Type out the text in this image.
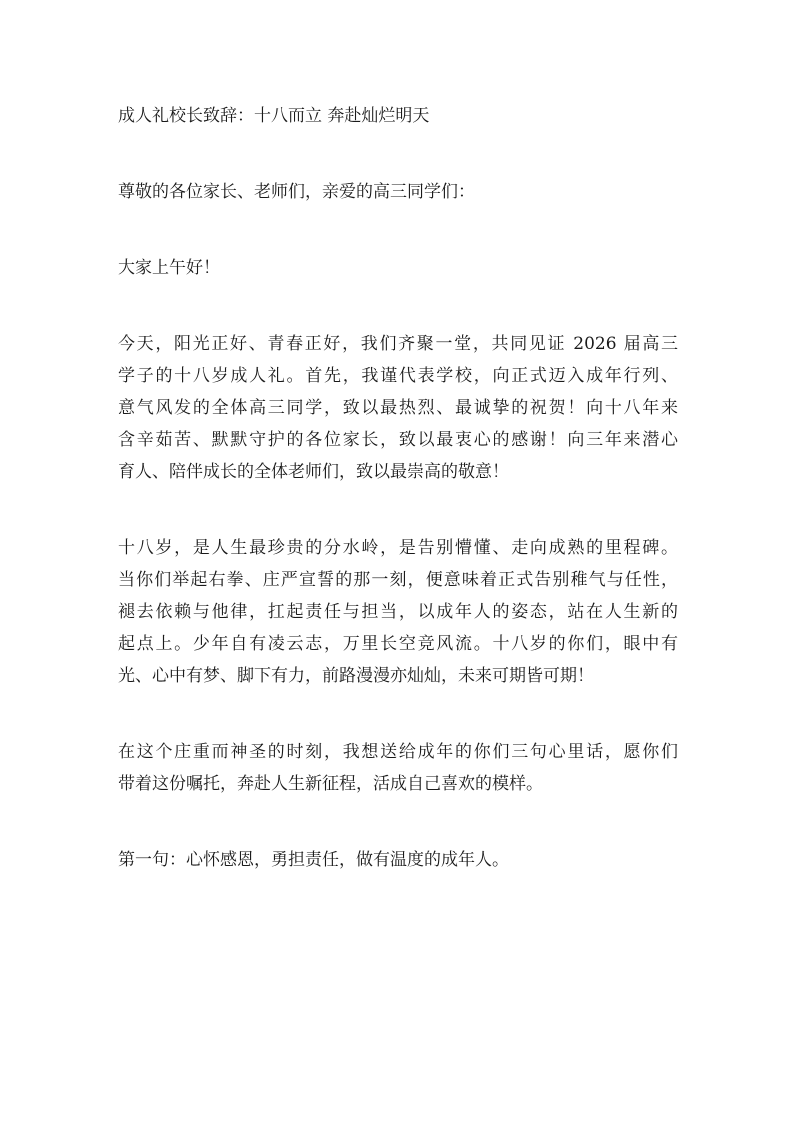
成人礼校长致辞：十八而立 奔赴灿烂明天

尊敬的各位家长、老师们，亲爱的高三同学们：

大家上午好！

今天，阳光正好、青春正好，我们齐聚一堂，共同见证 2026 届高三

学子的十八岁成人礼。首先，我谨代表学校，向正式迈入成年行列、

意气风发的全体高三同学，致以最热烈、最诚挚的祝贺！向十八年来

含辛茹苦、默默守护的各位家长，致以最衷心的感谢！向三年来潜心

育人、陪伴成长的全体老师们，致以最崇高的敬意！

十八岁，是人生最珍贵的分水岭，是告别懵懂、走向成熟的里程碑。

当你们举起右拳、庄严宣誓的那一刻，便意味着正式告别稚气与任性，

褪去依赖与他律，扛起责任与担当，以成年人的姿态，站在人生新的

起点上。少年自有凌云志，万里长空竞风流。十八岁的你们，眼中有

光、心中有梦、脚下有力，前路漫漫亦灿灿，未来可期皆可期！

在这个庄重而神圣的时刻，我想送给成年的你们三句心里话，愿你们

带着这份嘱托，奔赴人生新征程，活成自己喜欢的模样。

第一句：心怀感恩，勇担责任，做有温度的成年人。
